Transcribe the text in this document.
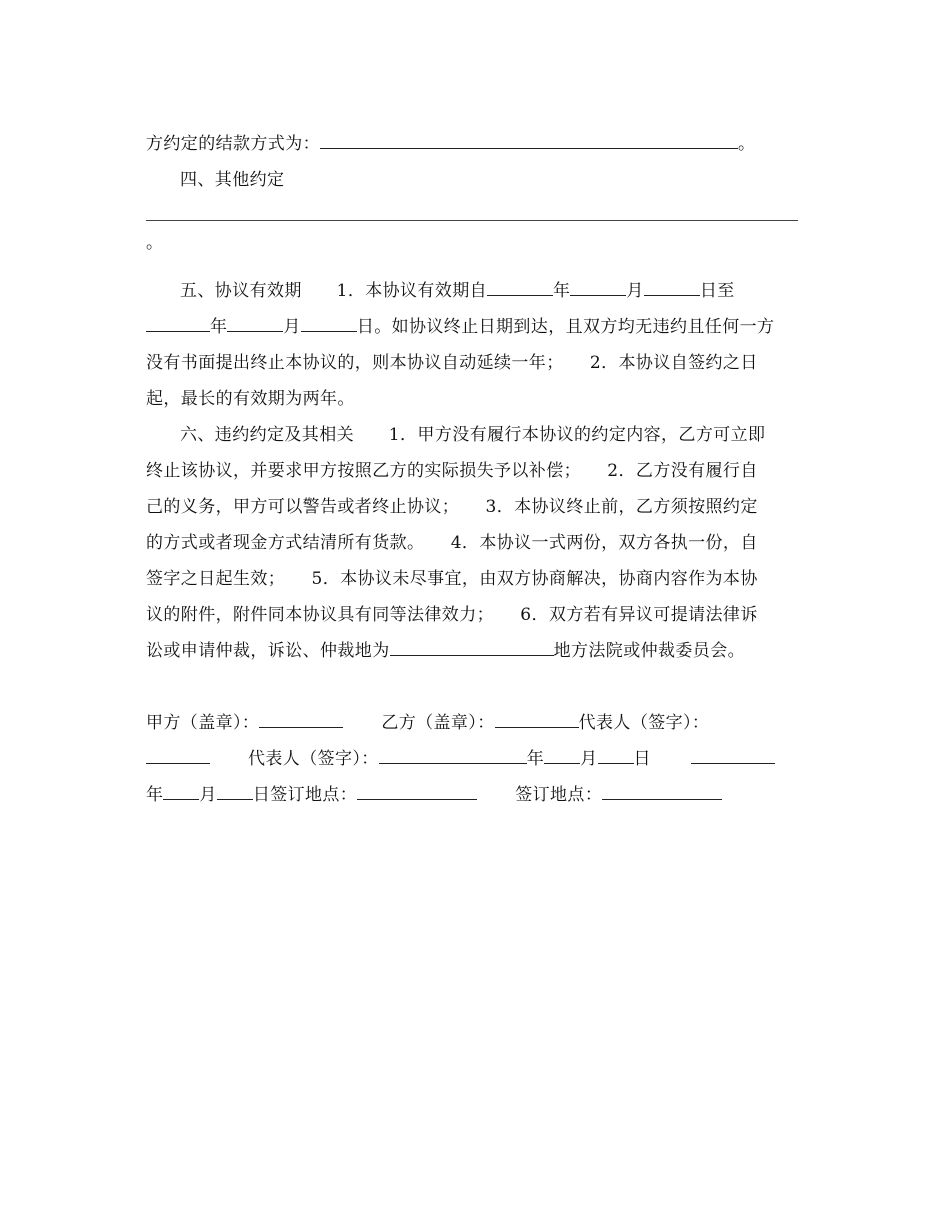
方约定的结款方式为：	。
四、其他约定
。
五、协议有效期　　1．本协议有效期自	年	月	日至
年	月	日。如协议终止日期到达，且双方均无违约且任何一方
没有书面提出终止本协议的，则本协议自动延续一年；　　2．本协议自签约之日
起，最长的有效期为两年。
六、违约约定及其相关　　1．甲方没有履行本协议的约定内容，乙方可立即
终止该协议，并要求甲方按照乙方的实际损失予以补偿；　　2．乙方没有履行自
己的义务，甲方可以警告或者终止协议；　　3．本协议终止前，乙方须按照约定
的方式或者现金方式结清所有货款。　　4．本协议一式两份，双方各执一份，自
签字之日起生效；　　5．本协议未尽事宜，由双方协商解决，协商内容作为本协
议的附件，附件同本协议具有同等法律效力；　　6．双方若有异议可提请法律诉
讼或申请仲裁，诉讼、仲裁地为	地方法院或仲裁委员会。
甲方（盖章）：	乙方（盖章）：	代表人（签字）：
代表人（签字）：	年 月 日
年 月 日签订地点：	签订地点：
